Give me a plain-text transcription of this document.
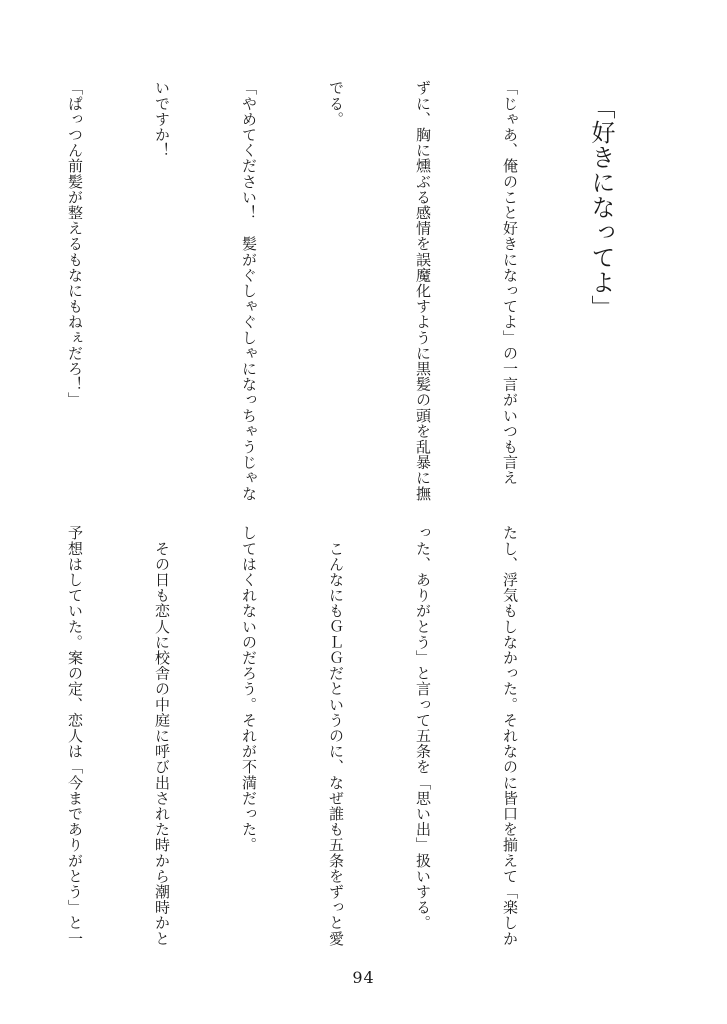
「好きになってよ」

「じゃあ、俺のこと好きになってよ」の一言がいつも言え

ずに、胸に燻ぶる感情を誤魔化すように黒髪の頭を乱暴に撫

でる。

「やめてください！　髪がぐしゃぐしゃになっちゃうじゃな

いですか！

「ぱっつん前髪が整えるもなにもねぇだろ！」

たし、浮気もしなかった。それなのに皆口を揃えて「楽しか

った、ありがとう」と言って五条を「思い出」扱いする。

　こんなにもＧＬＧだというのに、なぜ誰も五条をずっと愛

してはくれないのだろう。それが不満だった。

　その日も恋人に校舎の中庭に呼び出された時から潮時かと

予想はしていた。案の定、恋人は「今までありがとう」と一

94
